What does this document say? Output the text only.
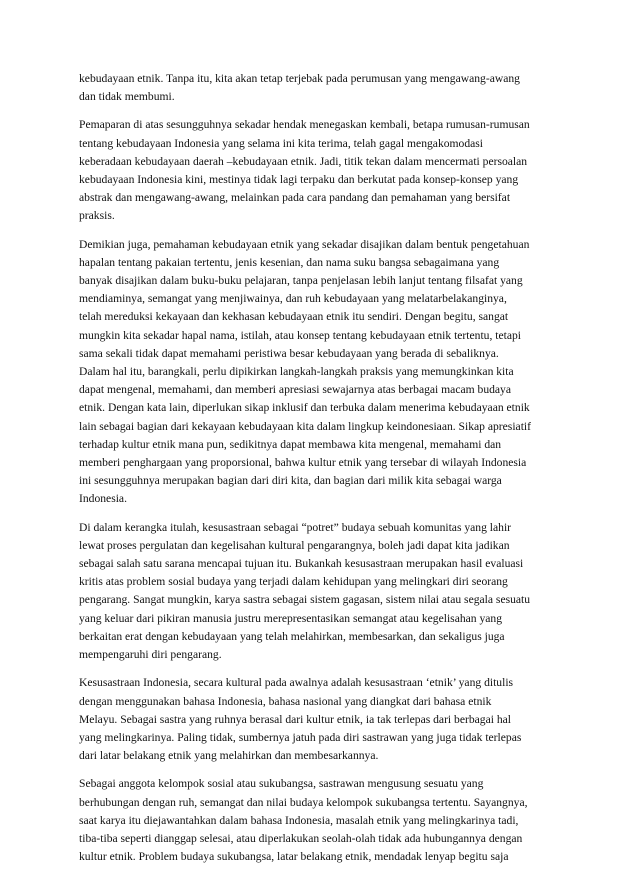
kebudayaan etnik. Tanpa itu, kita akan tetap terjebak pada perumusan yang mengawang-awang
dan tidak membumi.

Pemaparan di atas sesungguhnya sekadar hendak menegaskan kembali, betapa rumusan-rumusan
tentang kebudayaan Indonesia yang selama ini kita terima, telah gagal mengakomodasi
keberadaan kebudayaan daerah –kebudayaan etnik. Jadi, titik tekan dalam mencermati persoalan
kebudayaan Indonesia kini, mestinya tidak lagi terpaku dan berkutat pada konsep-konsep yang
abstrak dan mengawang-awang, melainkan pada cara pandang dan pemahaman yang bersifat
praksis.

Demikian juga, pemahaman kebudayaan etnik yang sekadar disajikan dalam bentuk pengetahuan
hapalan tentang pakaian tertentu, jenis kesenian, dan nama suku bangsa sebagaimana yang
banyak disajikan dalam buku-buku pelajaran, tanpa penjelasan lebih lanjut tentang filsafat yang
mendiaminya, semangat yang menjiwainya, dan ruh kebudayaan yang melatarbelakanginya,
telah mereduksi kekayaan dan kekhasan kebudayaan etnik itu sendiri. Dengan begitu, sangat
mungkin kita sekadar hapal nama, istilah, atau konsep tentang kebudayaan etnik tertentu, tetapi
sama sekali tidak dapat memahami peristiwa besar kebudayaan yang berada di sebaliknya.
Dalam hal itu, barangkali, perlu dipikirkan langkah-langkah praksis yang memungkinkan kita
dapat mengenal, memahami, dan memberi apresiasi sewajarnya atas berbagai macam budaya
etnik. Dengan kata lain, diperlukan sikap inklusif dan terbuka dalam menerima kebudayaan etnik
lain sebagai bagian dari kekayaan kebudayaan kita dalam lingkup keindonesiaan. Sikap apresiatif
terhadap kultur etnik mana pun, sedikitnya dapat membawa kita mengenal, memahami dan
memberi penghargaan yang proporsional, bahwa kultur etnik yang tersebar di wilayah Indonesia
ini sesungguhnya merupakan bagian dari diri kita, dan bagian dari milik kita sebagai warga
Indonesia.

Di dalam kerangka itulah, kesusastraan sebagai “potret” budaya sebuah komunitas yang lahir
lewat proses pergulatan dan kegelisahan kultural pengarangnya, boleh jadi dapat kita jadikan
sebagai salah satu sarana mencapai tujuan itu. Bukankah kesusastraan merupakan hasil evaluasi
kritis atas problem sosial budaya yang terjadi dalam kehidupan yang melingkari diri seorang
pengarang. Sangat mungkin, karya sastra sebagai sistem gagasan, sistem nilai atau segala sesuatu
yang keluar dari pikiran manusia justru merepresentasikan semangat atau kegelisahan yang
berkaitan erat dengan kebudayaan yang telah melahirkan, membesarkan, dan sekaligus juga
mempengaruhi diri pengarang.

Kesusastraan Indonesia, secara kultural pada awalnya adalah kesusastraan ‘etnik’ yang ditulis
dengan menggunakan bahasa Indonesia, bahasa nasional yang diangkat dari bahasa etnik
Melayu. Sebagai sastra yang ruhnya berasal dari kultur etnik, ia tak terlepas dari berbagai hal
yang melingkarinya. Paling tidak, sumbernya jatuh pada diri sastrawan yang juga tidak terlepas
dari latar belakang etnik yang melahirkan dan membesarkannya.

Sebagai anggota kelompok sosial atau sukubangsa, sastrawan mengusung sesuatu yang
berhubungan dengan ruh, semangat dan nilai budaya kelompok sukubangsa tertentu. Sayangnya,
saat karya itu diejawantahkan dalam bahasa Indonesia, masalah etnik yang melingkarinya tadi,
tiba-tiba seperti dianggap selesai, atau diperlakukan seolah-olah tidak ada hubungannya dengan
kultur etnik. Problem budaya sukubangsa, latar belakang etnik, mendadak lenyap begitu saja
